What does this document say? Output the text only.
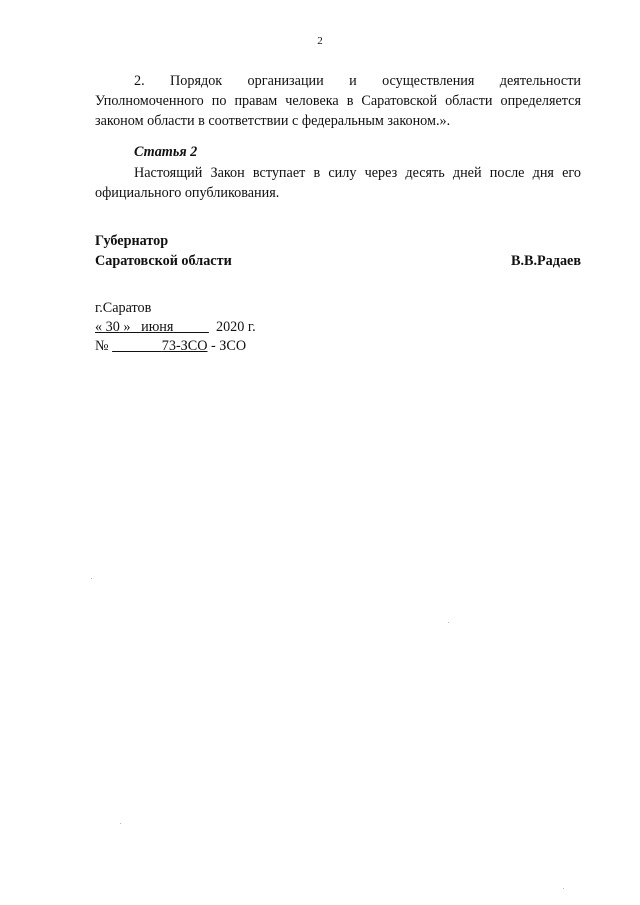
2
2. Порядок организации и осуществления деятельности Уполномоченного по правам человека в Саратовской области определяется законом области в соответствии с федеральным законом.».
Статья 2
Настоящий Закон вступает в силу через десять дней после дня его официального опубликования.
Губернатор
Саратовской области	В.В.Радаев
г.Саратов
« 30 » июня	2020 г.
№	73-ЗСО - ЗСО
